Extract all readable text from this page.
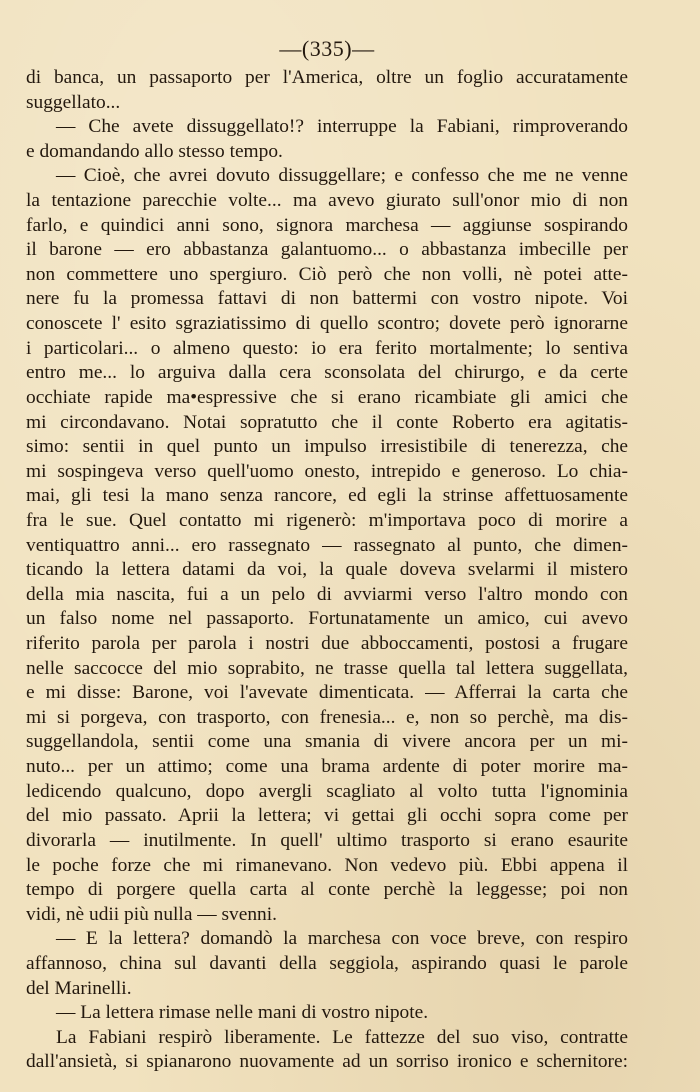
—(335)—
di banca, un passaporto per l'America, oltre un foglio accuratamente
suggellato...
— Che avete dissuggellato!? interruppe la Fabiani, rimproverando
e domandando allo stesso tempo.
— Cioè, che avrei dovuto dissuggellare; e confesso che me ne venne
la tentazione parecchie volte... ma avevo giurato sull'onor mio di non
farlo, e quindici anni sono, signora marchesa — aggiunse sospirando
il barone — ero abbastanza galantuomo... o abbastanza imbecille per
non commettere uno spergiuro. Ciò però che non volli, nè potei atte-
nere fu la promessa fattavi di non battermi con vostro nipote. Voi
conoscete l' esito sgraziatissimo di quello scontro; dovete però ignorarne
i particolari... o almeno questo: io era ferito mortalmente; lo sentiva
entro me... lo arguiva dalla cera sconsolata del chirurgo, e da certe
occhiate rapide ma•espressive che si erano ricambiate gli amici che
mi circondavano. Notai sopratutto che il conte Roberto era agitatis-
simo: sentii in quel punto un impulso irresistibile di tenerezza, che
mi sospingeva verso quell'uomo onesto, intrepido e generoso. Lo chia-
mai, gli tesi la mano senza rancore, ed egli la strinse affettuosamente
fra le sue. Quel contatto mi rigenerò: m'importava poco di morire a
ventiquattro anni... ero rassegnato — rassegnato al punto, che dimen-
ticando la lettera datami da voi, la quale doveva svelarmi il mistero
della mia nascita, fui a un pelo di avviarmi verso l'altro mondo con
un falso nome nel passaporto. Fortunatamente un amico, cui avevo
riferito parola per parola i nostri due abboccamenti, postosi a frugare
nelle saccocce del mio soprabito, ne trasse quella tal lettera suggellata,
e mi disse: Barone, voi l'avevate dimenticata. — Afferrai la carta che
mi si porgeva, con trasporto, con frenesia... e, non so perchè, ma dis-
suggellandola, sentii come una smania di vivere ancora per un mi-
nuto... per un attimo; come una brama ardente di poter morire ma-
ledicendo qualcuno, dopo avergli scagliato al volto tutta l'ignominia
del mio passato. Aprii la lettera; vi gettai gli occhi sopra come per
divorarla — inutilmente. In quell' ultimo trasporto si erano esaurite
le poche forze che mi rimanevano. Non vedevo più. Ebbi appena il
tempo di porgere quella carta al conte perchè la leggesse; poi non
vidi, nè udii più nulla — svenni.
— E la lettera? domandò la marchesa con voce breve, con respiro
affannoso, china sul davanti della seggiola, aspirando quasi le parole
del Marinelli.
— La lettera rimase nelle mani di vostro nipote.
La Fabiani respirò liberamente. Le fattezze del suo viso, contratte
dall'ansietà, si spianarono nuovamente ad un sorriso ironico e schernitore:
